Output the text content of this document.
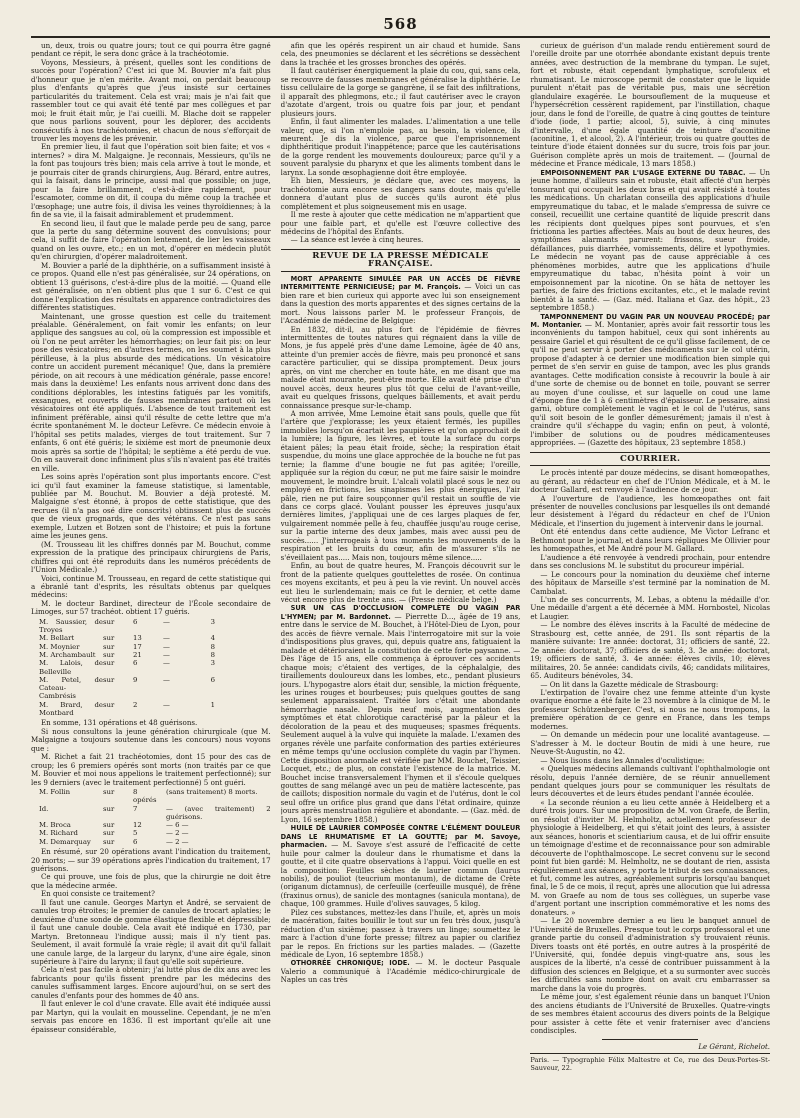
568

un, deux, trois ou quatre jours; tout ce qui pourra être gagné pendant ce répit, le sera donc grâce à la trachéotomie.

Voyons, Messieurs, à présent, quelles sont les conditions de succès pour l'opération? C'est ici que M. Bouvier m'a fait plus d'honneur que je n'en mérite. Avant moi, on perdait beaucoup plus d'enfants qu'après que j'eus insisté sur certaines particularités du traitement. Cela est vrai; mais je n'ai fait que rassembler tout ce qui avait été tenté par mes collègues et par moi; le fruit était mûr, je l'ai cueilli. M. Blache doit se rappeler que nous parlions souvent, pour les déplorer, des accidents consécutifs à nos trachéotomies, et chacun de nous s'efforçait de trouver les moyens de les prévenir.

En premier lieu, il faut que l'opération soit bien faite; et vos « internes? » dira M. Malgaigne. Je reconnais, Messieurs, qu'ils ne la font pas toujours très bien; mais cela arrive à tout le monde, et je pourrais citer de grands chirurgiens, Aug. Bérard, entre autres, qui la faisait, dans le principe, aussi mal que possible; on juge, pour la faire brillamment, c'est-à-dire rapidement, pour l'escamoter, comme on dit, il coupa du même coup la trachée et l'œsophage; une autre fois, il divisa les veines thyroïdiennes; à la fin de sa vie, il la faisait admirablement et prudemment.

En second lieu, il faut que le malade perde peu de sang, parce que la perte du sang détermine souvent des convulsions; pour cela, il suffit de faire l'opération lentement, de lier les vaisseaux quand on les ouvre, etc.; en un mot, d'opérer en médecin plutôt qu'en chirurgien, d'opérer maladroitement.

M. Bouvier a parlé de la diphthérie, on a suffisamment insisté à ce propos. Quand elle n'est pas généralisée, sur 24 opérations, on obtient 13 guérisons, c'est-à-dire plus de la moitié. — Quand elle est généralisée, on n'en obtient plus que 1 sur 6. C'est ce qui donne l'explication des résultats en apparence contradictoires des différentes statistiques.

Maintenant, une grosse question est celle du traitement préalable. Généralement, on fait vomir les enfants; on leur applique des sangsues au col, où la compression est impossible et où l'on ne peut arrêter les hémorrhagies; on leur fait pis: on leur pose des vésicatoires; en d'autres termes, on les soumet à la plus périlleuse, à la plus absurde des médications. Un vésicatoire contre un accident purement mécanique! Que, dans la première période, on ait recours à une médication générale, passe encore! mais dans la deuxième! Les enfants nous arrivent donc dans des conditions déplorables, les intestins fatigués par les vomitifs, exsangues, et couverts de fausses membranes partout où les vésicatoires ont été appliqués. L'absence de tout traitement est infiniment préférable, ainsi qu'il résulte de cette lettre que m'a écrite spontanément M. le docteur Lefèvre. Ce médecin envoie à l'hôpital ses petits malades, vierges de tout traitement. Sur 7 enfants, 6 ont été guéris; le sixième est mort de pneumonie deux mois après sa sortie de l'hôpital; le septième a été perdu de vue. On en sauverait donc infiniment plus s'ils n'avaient pas été traités en ville.

Les soins après l'opération sont plus importants encore. C'est ici qu'il faut examiner la fameuse statistique, si lamentable, publiée par M. Bouchut. M. Bouvier a déjà protesté. M. Malgaigne s'est étonné, à propos de cette statistique, que des recrues (il n'a pas osé dire conscrits) obtinssent plus de succès que de vieux grognards, que des vétérans. Ce n'est pas sans exemple, Lutzen et Botzen sont de l'histoire; et puis la fortune aime les jeunes gens.

(M. Trousseau lit les chiffres donnés par M. Bouchut, comme expression de la pratique des principaux chirurgiens de Paris, chiffres qui ont été reproduits dans les numéros précédents de l'Union Médicale.)

Voici, continue M. Trousseau, en regard de cette statistique qui a ébranlé tant d'esprits, les résultats obtenus par quelques médecins:

M. le docteur Bardinet, directeur de l'École secondaire de Limoges, sur 57 trachéot. obtient 17 guéris.

M. Saussier, de Troyes
sur	6	—	3
M. Bellart	sur	13	—	4
M. Moynier	sur	17	—	8
M. Archambault	sur	21	—	8
M. Lalois, de Belleville
sur	6	—	3
M. Petel, de Cateau-Cambrésis
sur	9	—	6
M. Brard, de Montbard
sur	2	—	1

En somme, 131 opérations et 48 guérisons.

Si nous consultons la jeune génération chirurgicale (que M. Malgaigne a toujours soutenue dans les concours) nous voyons que :

M. Richet a fait 21 trachéotomies, dont 15 pour des cas de croup; les 6 premiers opérés sont morts (non traités par ce que M. Bouvier et moi nous appelions le traitement perfectionné); sur les 9 derniers (avec le traitement perfectionné) 5 ont guéri.

M. Follin	sur	8 opérés
(sans traitement) 8 morts.
Id.	sur	7	— (avec traitement) 2 guérisons.
M. Broca	sur	12	— 6 —
M. Richard	sur	5	— 2 —
M. Demarquay	sur	6	— 2 —

En résumé, sur 20 opérations avant l'indication du traitement, 20 morts; — sur 39 opérations après l'indication du traitement, 17 guérisons.

Ce qui prouve, une fois de plus, que la chirurgie ne doit être que la médecine armée.

En quoi consiste ce traitement?

Il faut une canule. Georges Martyn et André, se servaient de canules trop étroites; le premier de canules de trocart aplaties; le deuxième d'une sonde de gomme élastique flexible et dépressible; il faut une canule double. Cela avait été indiqué en 1730, par Martyn. Bretonneau l'indique aussi; mais il n'y tient pas. Seulement, il avait formulé la vraie règle; il avait dit qu'il fallait une canule large, de la largeur du larynx, d'une aire égale, sinon supérieure à l'aire du larynx; il faut qu'elle soit supérieure.

Cela n'est pas facile à obtenir; j'ai lutté plus de dix ans avec les fabricants pour qu'ils fissent prendre par les médecins des canules suffisamment larges. Encore aujourd'hui, on se sert des canules d'enfants pour des hommes de 40 ans.

Il faut enlever le col d'une cravate. Elle avait été indiquée aussi par Martyn, qui la voulait en mousseline. Cependant, je ne m'en servais pas encore en 1836. Il est important qu'elle ait une épaisseur considérable,

afin que les opérés respirent un air chaud et humide. Sans cela, des pneumonies se déclarent et les sécrétions se dessèchent dans la trachée et les grosses bronches des opérés.

Il faut cautériser énergiquement la plaie du cou, qui, sans cela, se recouvre de fausses membranes et généralise la diphthérie. Le tissu cellulaire de la gorge se gangrène, il se fait des infiltrations, il apparaît des phlegmons, etc.; il faut cautériser avec le crayon d'azotate d'argent, trois ou quatre fois par jour, et pendant plusieurs jours.

Enfin, il faut alimenter les malades. L'alimentation a une telle valeur, que, si l'on n'emploie pas, au besoin, la violence, ils meurent. Je dis la violence, parce que l'emprisonnement diphthéritique produit l'inappétence; parce que les cautérisations de la gorge rendent les mouvements douloureux; parce qu'il y a souvent paralysie du pharynx et que les aliments tombent dans le larynx. La sonde œsophagienne doit être employée.

Eh bien, Messieurs, je déclare que, avec ces moyens, la trachéotomie aura encore ses dangers sans doute, mais qu'elle donnera d'autant plus de succès qu'ils auront été plus complètement et plus soigneusement mis en usage.

Il me reste à ajouter que cette médication ne m'appartient que pour une faible part, et qu'elle est l'œuvre collective des médecins de l'hôpital des Enfants.

— La séance est levée à cinq heures.

REVUE DE LA PRESSE MÉDICALE FRANÇAISE.

MORT APPARENTE SIMULÉE PAR UN ACCÈS DE FIÈVRE INTERMITTENTE PERNICIEUSE; par M. François. — Voici un cas bien rare et bien curieux qui apporte avec lui son enseignement dans la question des morts apparentes et des signes certains de la mort. Nous laissons parler M. le professeur François, de l'Académie de médecine de Belgique:

En 1832, dit-il, au plus fort de l'épidémie de fièvres intermittentes de toutes natures qui régnaient dans la ville de Mons, je fus appelé près d'une dame Lemoine, âgée de 40 ans, atteinte d'un premier accès de fièvre, mais peu prononcé et sans caractère particulier, qui se dissipa promptement. Deux jours après, on vint me chercher en toute hâte, en me disant que ma malade était mourante, peut-être morte. Elle avait été prise d'un nouvel accès, deux heures plus tôt que celui de l'avant-veille, avait eu quelques frissons, quelques bâillements, et avait perdu connaissance presque sur-le-champ.

A mon arrivée, Mme Lemoine était sans pouls, quelle que fût l'artère que j'explorasse; les yeux étaient fermés, les pupilles immobiles lorsqu'on écartait les paupières et qu'on approchait de la lumière; la figure, les lèvres, et toute la surface du corps étaient pâles; la peau était froide, sèche; la respiration était suspendue, du moins une glace approchée de la bouche ne fut pas ternie; la flamme d'une bougie ne fut pas agitée; l'oreille, appliquée sur la région du cœur, ne put me faire saisir le moindre mouvement, le moindre bruit. L'alcali volatil placé sous le nez ou employé en frictions, les sinapismes les plus énergiques, l'air pâle, rien ne put faire soupçonner qu'il restait un souffle de vie dans ce corps glacé. Voulant pousser les épreuves jusqu'aux dernières limites, j'appliquai une de ces larges plaques de fer, vulgairement nommée pelle à feu, chauffée jusqu'au rouge cerise, sur la partie interne des deux jambes, mais avec aussi peu de succès...... J'interrogeais à tous moments les mouvements de la respiration et les bruits du cœur, afin de m'assurer s'ils ne s'éveillaient pas..... Mais non, toujours même silence.....

Enfin, au bout de quatre heures, M. François découvrit sur le front de la patiente quelques gouttelettes de rosée. On continua ces moyens excitants, et peu à peu la vie revint. Un nouvel accès eut lieu le surlendemain; mais ce fut le dernier, et cette dame vécut encore plus de trente ans. — (Presse médicale belge.)

SUR UN CAS D'OCCLUSION COMPLÈTE DU VAGIN PAR L'HYMEN; par M. Bardonnet. — Pierrette D..., âgée de 19 ans, entre dans le service de M. Bouchet, à l'Hôtel-Dieu de Lyon, pour des accès de fièvre vernale. Mais l'interrogatoire mit sur la voie d'indispositions plus graves, qui, depuis quatre ans, fatiguaient la malade et détérioraient la constitution de cette forte paysanne. — Dès l'âge de 15 ans, elle commença à éprouver ces accidents chaque mois; c'étaient des vertiges, de la céphalalgie, des tiraillements douloureux dans les lombes, etc., pendant plusieurs jours. L'hypogastre alors était dur, sensible, la miction fréquente, les urines rouges et bourbeuses; puis quelques gouttes de sang seulement apparaissaient. Traitée lors c'était une abondante hémorrhagie nasale. Depuis neuf mois, augmentation des symptômes et état chlorotique caractérisé par la pâleur et la décoloration de la peau et des muqueuses; spasmes fréquents. Seulement auquel à la vulve qui inquiète la malade. L'examen des organes révèle une parfaite conformation des parties extérieures en même temps qu'une occlusion complète du vagin par l'hymen. Cette disposition anormale est vérifiée par MM. Bouchet, Teissier, Locquet, etc.; de plus, on constate l'existence de la matrice. M. Bouchet incise transversalement l'hymen et il s'écoule quelques gouttes de sang mélangé avec un peu de matière lactescente, pas de caillots; disposition normale du vagin et de l'utérus, dont le col seul offre un orifice plus grand que dans l'état ordinaire, quinze jours après menstruation régulière et abondante. — (Gaz. méd. de Lyon, 16 septembre 1858.)

HUILE DE LAURIER COMPOSÉE CONTRE L'ÉLÉMENT DOULEUR DANS LE RHUMATISME ET LA GOUTTE; par M. Savoye, pharmacien. — M. Savoye s'est assuré de l'efficacité de cette huile pour calmer la douleur dans le rhumatisme et dans la goutte, et il cite quatre observations à l'appui. Voici quelle en est la composition: Feuilles sèches de laurier commun (laurus nobilis), de pouliot (teucrium montanum), de dictame de Crète (origanum dictamnus), de cerfeuille (cerfeuille musqué), de frêne (fraxinus ornus), de sanicle des montagnes (sanicula montana), de chaque, 100 grammes. Huile d'olives sauvages, 5 kilog.

Pilez ces substances, mettez-les dans l'huile, et, après un mois de macération, faites bouillir le tout sur un feu très doux, jusqu'à réduction d'un sixième; passez à travers un linge; soumettez le marc à l'action d'une forte presse; filtrez au papier ou clarifiez par le repos. En frictions sur les parties malades. — (Gazette médicale de Lyon, 16 septembre 1858.)

OTHORRÉE CHRONIQUE; IODE. — M. le docteur Pasquale Valerio a communiqué à l'Académie médico-chirurgicale de Naples un cas très

curieux de guérison d'un malade rendu entièrement sourd de l'oreille droite par une otorrhée abondante existant depuis trente années, avec destruction de la membrane du tympan. Le sujet, fort et robuste, était cependant lymphatique, scrofuleux et rhumatisant. Le microscope permit de constater que le liquide purulent n'était pas de véritable pus, mais une sécrétion glandulaire exagérée. Le boursouflement de la muqueuse et l'hypersécrétion cessèrent rapidement, par l'instillation, chaque jour, dans le fond de l'oreille, de quatre à cinq gouttes de teinture d'iode (iode, 1 partie; alcool, 5), suivie, à cinq minutes d'intervalle, d'une égale quantité de teinture d'aconitine (aconitine, 1, et alcool, 2). A l'intérieur, trois ou quatre gouttes de teinture d'iode étaient données sur du sucre, trois fois par jour. Guérison complète après un mois de traitement. — (Journal de médecine et France médicale, 13 mars 1858.)

EMPOISONNEMENT PAR L'USAGE EXTERNE DU TABAC. — Un jeune homme, d'ailleurs sain et robuste, était affecté d'un herpès tonsurant qui occupait les deux bras et qui avait résisté à toutes les médications. Un charlatan conseilla des applications d'huile empyreumatique du tabac, et le malade s'empressa de suivre ce conseil, recueillit une certaine quantité de liquide prescrit dans les récipients dont quelques pipes sont pourvues, et s'en frictionna les parties affectées. Mais au bout de deux heures, des symptômes alarmants parurent: frissons, sueur froide, défaillances, puis diarrhée, vomissements, délire et lypothymies. Le médecin ne voyant pas de cause appréciable à ces phénomènes morbides, autre que les applications d'huile empyreumatique du tabac, n'hésita point à voir un empoisonnement par la nicotine. On se hâta de nettoyer les parties, de faire des frictions excitantes, etc., et le malade revint bientôt à la santé. — (Gaz. méd. Italiana et Gaz. des hôpit., 23 septembre 1858.)

TAMPONNEMENT DU VAGIN PAR UN NOUVEAU PROCÉDÉ; par M. Montanier. — M. Montanier, après avoir fait ressortir tous les inconvénients du tampon habituel, ceux qui sont inhérents au pessaire Gariel et qui résultent de ce qu'il glisse facilement, de ce qu'il ne peut servir à porter des médicaments sur le col utérin, propose d'adapter à ce dernier une modification bien simple qui permet de s'en servir en guise de tampon, avec les plus grands avantages. Cette modification consiste à recouvrir la boule à air d'une sorte de chemise ou de bonnet en toile, pouvant se serrer au moyen d'une coulisse, et sur laquelle on coud une lame d'éponge fine de 1 à 6 centimètres d'épaisseur. Le pessaire, ainsi garni, obture complètement le vagin et le col de l'utérus, sans qu'il soit besoin de le gonfler démesurément; jamais il n'est à craindre qu'il s'échappe du vagin; enfin on peut, à volonté, l'imbiber de solutions ou de poudres médicamenteuses appropriées. — (Gazette des hôpitaux, 23 septembre 1858.)

COURRIER.

Le procès intenté par douze médecins, se disant homœopathes, au gérant, au rédacteur en chef de l'Union Médicale, et à M. le docteur Gallard, est renvoyé à l'audience de ce jour.

A l'ouverture de l'audience, les homœopathes ont fait présenter de nouvelles conclusions par lesquelles ils ont demandé leur désistement à l'égard du rédacteur en chef de l'Union Médicale, et l'insertion du jugement à intervenir dans le journal.

Ont été entendus dans cette audience, Me Victor Lefranc et Bethmont pour le journal, et dans leurs répliques Me Ollivier pour les homœopathes, et Me André pour M. Gallard.

L'audience a été renvoyée à vendredi prochain, pour entendre dans ses conclusions M. le substitut du procureur impérial.

— Le concours pour la nomination du deuxième chef interne des hôpitaux de Marseille s'est terminé par la nomination de M. Cambalat.

L'un de ses concurrents, M. Lebas, a obtenu la médaille d'or. Une médaille d'argent a été décernée à MM. Hornbostel, Nicolas et Laugier.

— Le nombre des élèves inscrits à la Faculté de médecine de Strasbourg est, cette année, de 291. Ils sont répartis de la manière suivante: 1re année: doctorat, 31; officiers de santé, 22. 2e année: doctorat, 37; officiers de santé, 3. 3e année: doctorat, 19; officiers de santé, 3. 4e année: élèves civils, 10; élèves militaires, 20. 5e année: candidats civils, 46; candidats militaires, 65. Auditeurs bénévoles, 34.

— On lit dans la Gazette médicale de Strasbourg:

L'extirpation de l'ovaire chez une femme atteinte d'un kyste ovarique énorme a été faite le 23 novembre à la clinique de M. le professeur Schützenberger. C'est, si nous ne nous trompons, la première opération de ce genre en France, dans les temps modernes.

— On demande un médecin pour une localité avantageuse. — S'adresser à M. le docteur Boutin de midi à une heure, rue Neuve-St-Augustin, no 42.

— Nous lisons dans les Annales d'oculistique:

« Quelques médecins allemands cultivant l'ophthalmologie ont résolu, depuis l'année dernière, de se réunir annuellement pendant quelques jours pour se communiquer les résultats de leurs découvertes et de leurs études pendant l'année écoulée.

« La seconde réunion a eu lieu cette année à Heidelberg et a duré trois jours. Sur une proposition de M. von Graefe, de Berlin, on résolut d'inviter M. Helmholtz, actuellement professeur de physiologie à Heidelberg, et qui s'était joint des leurs, à assister aux séances, honoris et scientiarium causa, et de lui offrir ensuite un témoignage d'estime et de reconnaissance pour son admirable découverte de l'ophthalmoscope. Le secret convenu sur le second point fut bien gardé: M. Helmholtz, ne se doutant de rien, assista régulièrement aux séances, y porta le tribut de ses connaissances, et fut, comme les autres, agréablement surpris lorsqu'au banquet final, le 5 de ce mois, il reçut, après une allocution que lui adressa M. von Graefe au nom de tous ses collègues, un superbe vase d'argent portant une inscription commémorative et les noms des donateurs. »

— Le 20 novembre dernier a eu lieu le banquet annuel de l'Université de Bruxelles. Presque tout le corps professoral et une grande partie du conseil d'administration s'y trouvaient réunis. Divers toasts ont été portés, en outre autres à la prospérité de l'Université, qui, fondée depuis vingt-quatre ans, sous les auspices de la liberté, n'a cessé de contribuer puissamment à la diffusion des sciences en Belgique, et a su surmonter avec succès les difficultés sans nombre dont on avait cru embarrasser sa marche dans la voie du progrès.

Le même jour, s'est également réunie dans un banquet l'Union des anciens étudiants de l'Université de Bruxelles. Quatre-vingts de ses membres étaient accourus des divers points de la Belgique pour assister à cette fête et venir fraterniser avec d'anciens condisciples.

Le Gérant, Richelot.
Paris. — Typographie Félix Maltestre et Ce, rue des Deux-Portes-St-Sauveur, 22.
